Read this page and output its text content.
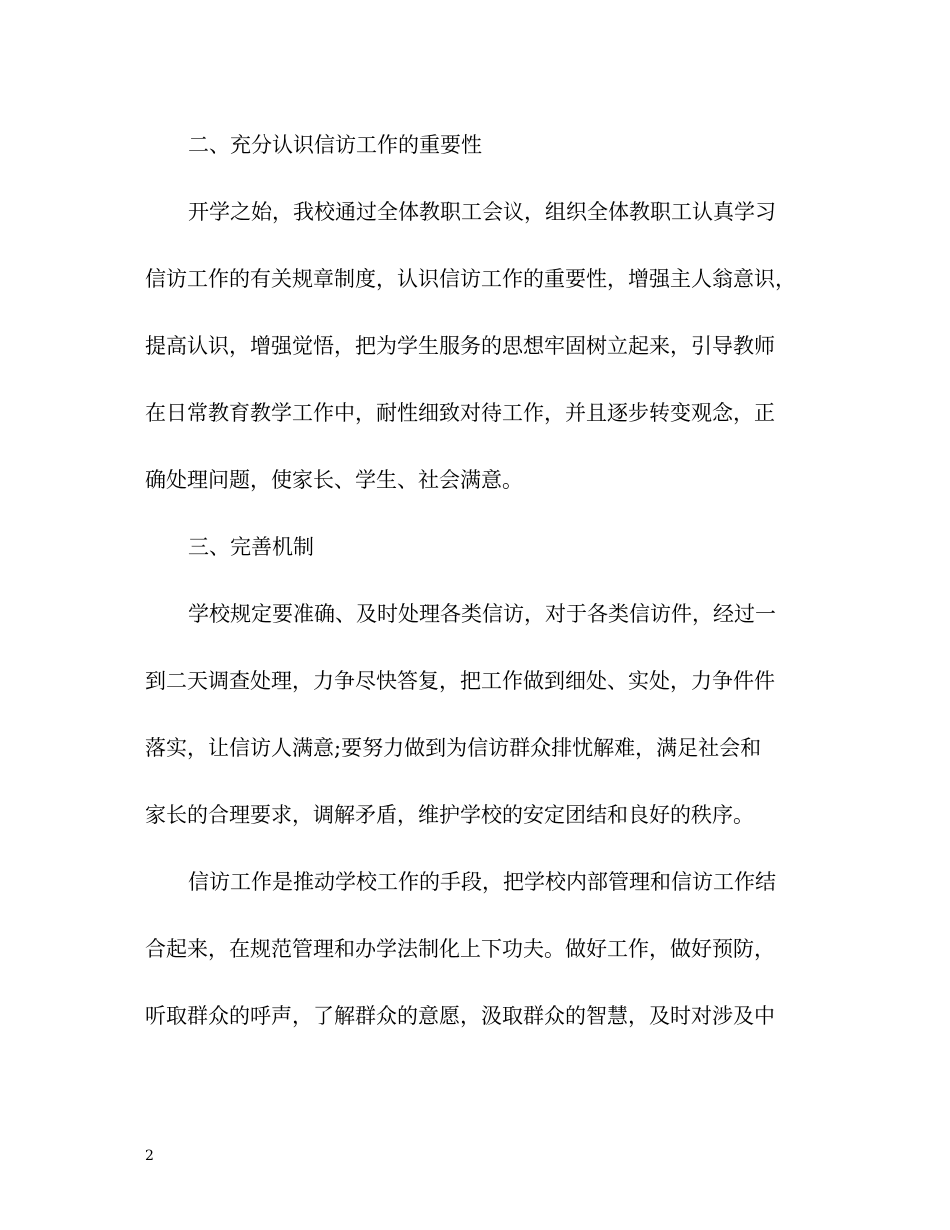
二、充分认识信访工作的重要性
开学之始，我校通过全体教职工会议，组织全体教职工认真学习
信访工作的有关规章制度，认识信访工作的重要性，增强主人翁意识，
提高认识，增强觉悟，把为学生服务的思想牢固树立起来，引导教师
在日常教育教学工作中，耐性细致对待工作，并且逐步转变观念，正
确处理问题，使家长、学生、社会满意。
三、完善机制
学校规定要准确、及时处理各类信访，对于各类信访件，经过一
到二天调查处理，力争尽快答复，把工作做到细处、实处，力争件件
落实，让信访人满意;要努力做到为信访群众排忧解难，满足社会和
家长的合理要求，调解矛盾，维护学校的安定团结和良好的秩序。
信访工作是推动学校工作的手段，把学校内部管理和信访工作结
合起来，在规范管理和办学法制化上下功夫。做好工作，做好预防，
听取群众的呼声，了解群众的意愿，汲取群众的智慧，及时对涉及中
2
